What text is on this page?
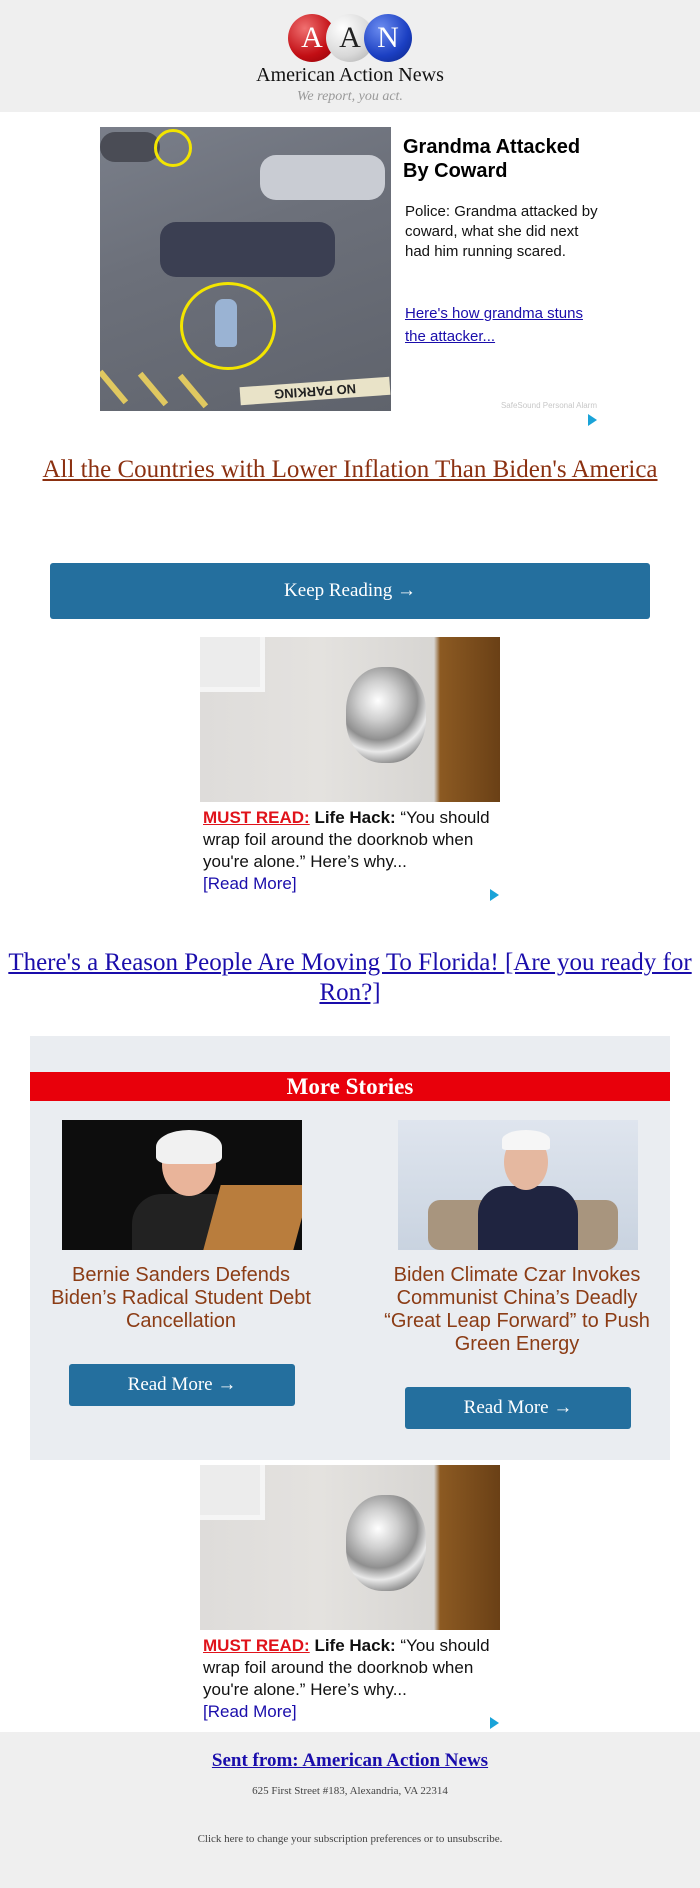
A A N
American Action News
We report, you act.
NO PARKING
Grandma Attacked By Coward
Police: Grandma attacked by coward, what she did next had him running scared.
Here's how grandma stuns the attacker...
SafeSound Personal Alarm
All the Countries with Lower Inflation Than Biden's America
Keep Reading →
MUST READ: Life Hack: “You should wrap foil around the doorknob when you're alone.” Here’s why...
[Read More]
There's a Reason People Are Moving To Florida! [Are you ready for Ron?]
More Stories
Bernie Sanders Defends Biden’s Radical Student Debt Cancellation
Read More →
Biden Climate Czar Invokes Communist China’s Deadly “Great Leap Forward” to Push Green Energy
Read More →
MUST READ: Life Hack: “You should wrap foil around the doorknob when you're alone.” Here’s why...
[Read More]
Sent from: American Action News
625 First Street #183, Alexandria, VA 22314
Click here to change your subscription preferences or to unsubscribe.
